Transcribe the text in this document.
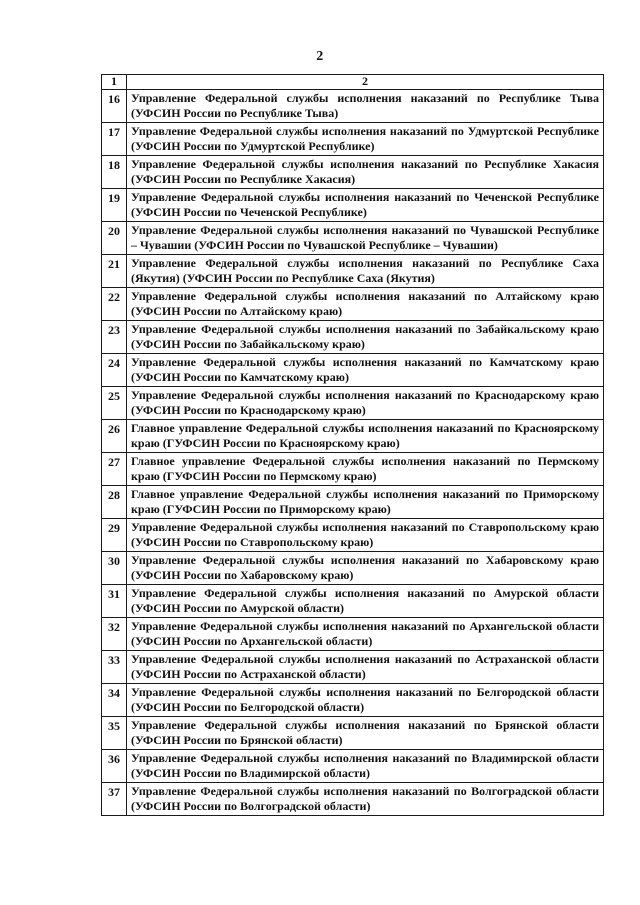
2
1	2
16	Управление Федеральной службы исполнения наказаний по Республике Тыва (УФСИН России по Республике Тыва)
17	Управление Федеральной службы исполнения наказаний по Удмуртской Республике (УФСИН России по Удмуртской Республике)
18	Управление Федеральной службы исполнения наказаний по Республике Хакасия (УФСИН России по Республике Хакасия)
19	Управление Федеральной службы исполнения наказаний по Чеченской Республике (УФСИН России по Чеченской Республике)
20	Управление Федеральной службы исполнения наказаний по Чувашской Республике – Чувашии (УФСИН России по Чувашской Республике – Чувашии)
21	Управление Федеральной службы исполнения наказаний по Республике Саха (Якутия) (УФСИН России по Республике Саха (Якутия)
22	Управление Федеральной службы исполнения наказаний по Алтайскому краю (УФСИН России по Алтайскому краю)
23	Управление Федеральной службы исполнения наказаний по Забайкальскому краю (УФСИН России по Забайкальскому краю)
24	Управление Федеральной службы исполнения наказаний по Камчатскому краю (УФСИН России по Камчатскому краю)
25	Управление Федеральной службы исполнения наказаний по Краснодарскому краю (УФСИН России по Краснодарскому краю)
26	Главное управление Федеральной службы исполнения наказаний по Красноярскому краю (ГУФСИН России по Красноярскому краю)
27	Главное управление Федеральной службы исполнения наказаний по Пермскому краю (ГУФСИН России по Пермскому краю)
28	Главное управление Федеральной службы исполнения наказаний по Приморскому краю (ГУФСИН России по Приморскому краю)
29	Управление Федеральной службы исполнения наказаний по Ставропольскому краю (УФСИН России по Ставропольскому краю)
30	Управление Федеральной службы исполнения наказаний по Хабаровскому краю (УФСИН России по Хабаровскому краю)
31	Управление Федеральной службы исполнения наказаний по Амурской области (УФСИН России по Амурской области)
32	Управление Федеральной службы исполнения наказаний по Архангельской области (УФСИН России по Архангельской области)
33	Управление Федеральной службы исполнения наказаний по Астраханской области (УФСИН России по Астраханской области)
34	Управление Федеральной службы исполнения наказаний по Белгородской области (УФСИН России по Белгородской области)
35	Управление Федеральной службы исполнения наказаний по Брянской области (УФСИН России по Брянской области)
36	Управление Федеральной службы исполнения наказаний по Владимирской области (УФСИН России по Владимирской области)
37	Управление Федеральной службы исполнения наказаний по Волгоградской области (УФСИН России по Волгоградской области)
